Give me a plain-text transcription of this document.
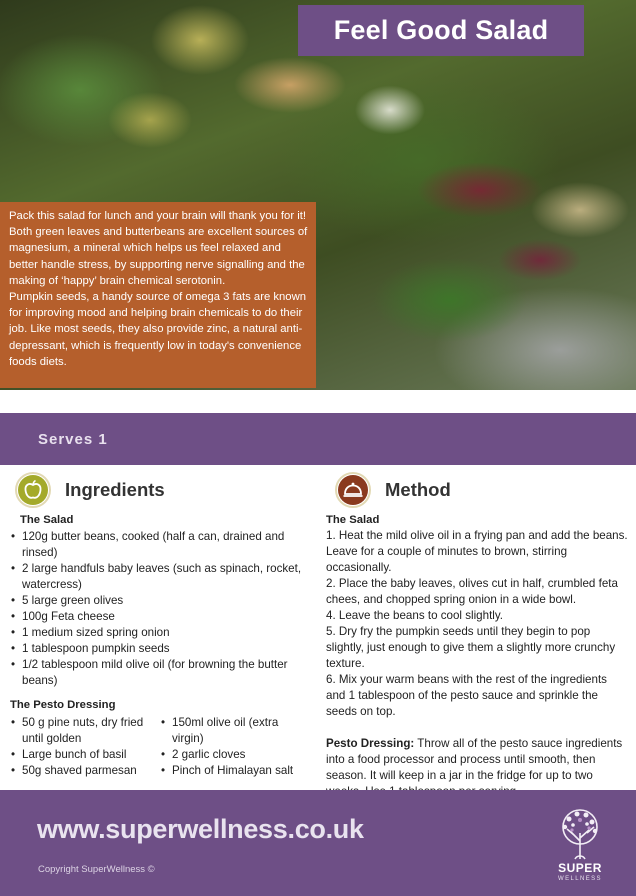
Feel Good Salad

Pack this salad for lunch and your brain will thank you for it! Both green leaves and butterbeans are excellent sources of magnesium, a mineral which helps us feel relaxed and better handle stress, by supporting nerve signalling and the making of ‘happy’ brain chemical serotonin.

Pumpkin seeds, a handy source of omega 3 fats are known for improving mood and helping brain chemicals to do their job. Like most seeds, they also provide zinc, a natural anti-depressant, which is frequently low in today's convenience foods diets.

Serves 1
Ingredients	Method
The Salad
• 120g butter beans, cooked (half a can, drained and rinsed)
• 2 large handfuls baby leaves (such as spinach, rocket, watercress)
• 5 large green olives
• 100g Feta cheese
• 1 medium sized spring onion
• 1 tablespoon pumpkin seeds
• 1/2 tablespoon mild olive oil (for browning the butter beans)
The Pesto Dressing
• 50 g pine nuts, dry fried until golden
• Large bunch of basil
• 50g shaved parmesan
• 150ml olive oil (extra virgin)
• 2 garlic cloves
• Pinch of Himalayan salt
The Salad

1. Heat the mild olive oil in a frying pan and add the beans. Leave for a couple of minutes to brown, stirring occasionally.

2. Place the baby leaves, olives cut in half, crumbled feta chees, and chopped spring onion in a wide bowl.

4. Leave the beans to cool slightly.

5. Dry fry the pumpkin seeds until they begin to pop slightly, just enough to give them a slightly more crunchy texture.

6. Mix your warm beans with the rest of the ingredients and 1 tablespoon of the pesto sauce and sprinkle the seeds on top.

Pesto Dressing: Throw all of the pesto sauce ingredients into a food processor and process until smooth, then season. It will keep in a jar in the fridge for up to two

www.superwellness.co.uk
Copyright SuperWellness ©	SUPER
WELLNESS
